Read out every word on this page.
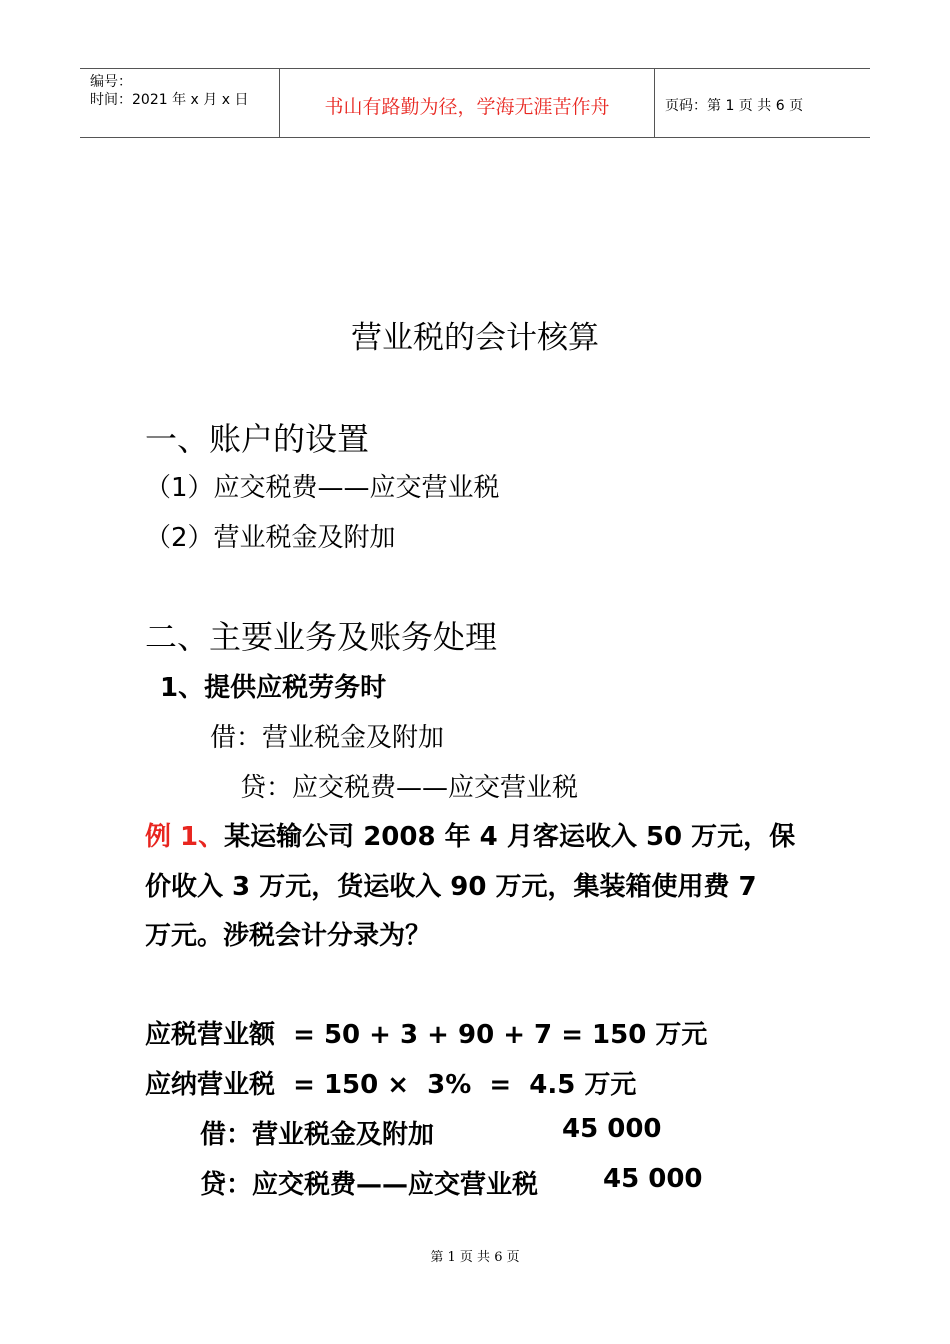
编号：
时间：2021 年 x 月 x 日	书山有路勤为径，学海无涯苦作舟	页码：第 1 页 共 6 页
营业税的会计核算
一、账户的设置
（1）应交税费——应交营业税
（2）营业税金及附加
二、主要业务及账务处理
1、提供应税劳务时
借：营业税金及附加
贷：应交税费——应交营业税
例 1、某运输公司 2008 年 4 月客运收入 50 万元，保
价收入 3 万元，货运收入 90 万元，集装箱使用费 7
万元。涉税会计分录为？
应税营业额  = 50 + 3 + 90 + 7 = 150 万元
应纳营业税  = 150 ×  3%  =  4.5 万元
借：营业税金及附加	45 000
贷：应交税费——应交营业税 45 000
第 1 页 共 6 页
